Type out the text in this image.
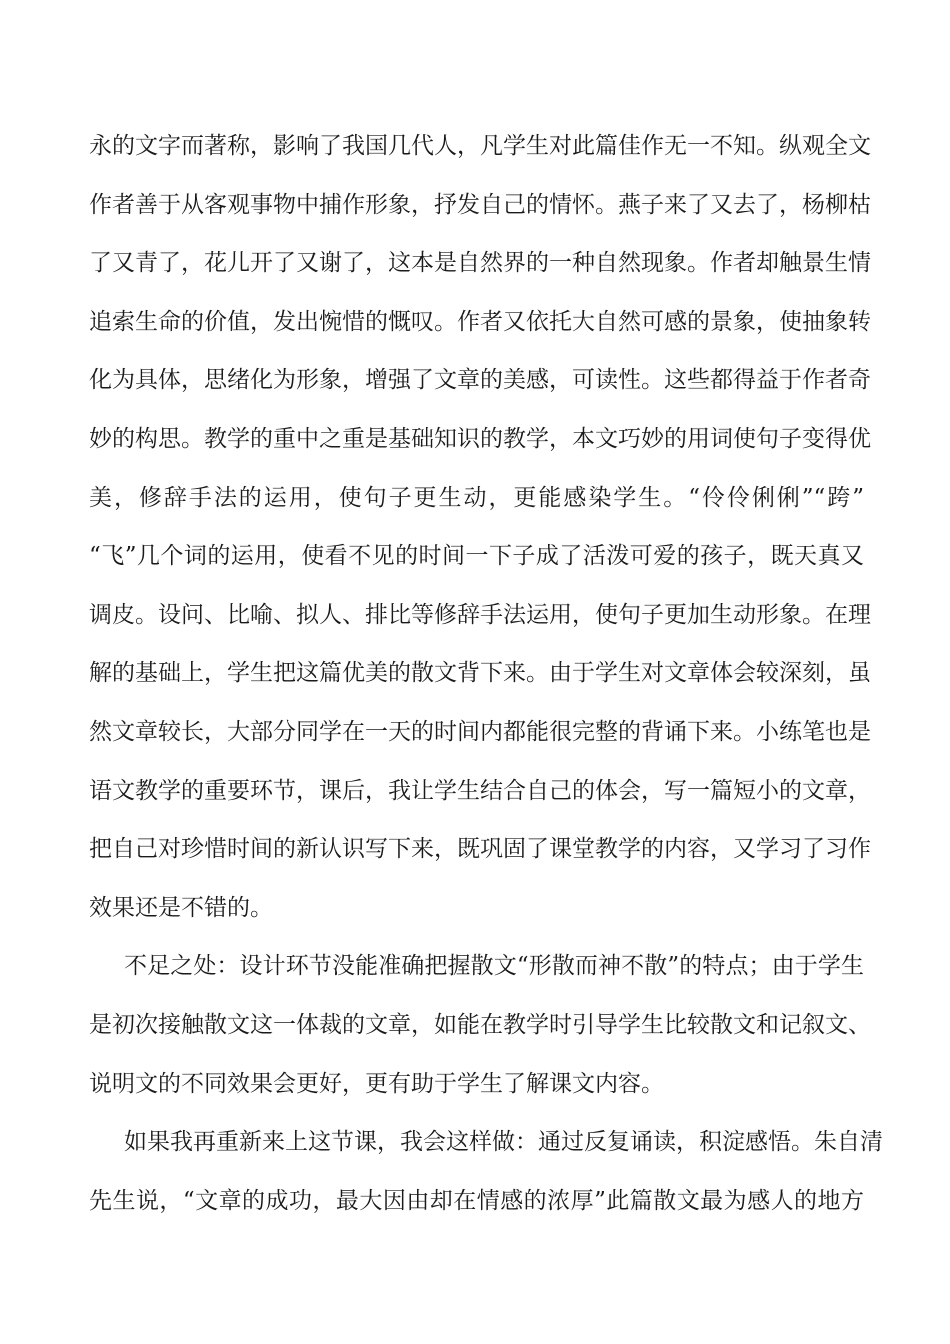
永的文字而著称，影响了我国几代人，凡学生对此篇佳作无一不知。纵观全文
作者善于从客观事物中捕作形象，抒发自己的情怀。燕子来了又去了，杨柳枯
了又青了，花儿开了又谢了，这本是自然界的一种自然现象。作者却触景生情
追索生命的价值，发出惋惜的慨叹。作者又依托大自然可感的景象，使抽象转
化为具体，思绪化为形象，增强了文章的美感，可读性。这些都得益于作者奇
妙的构思。教学的重中之重是基础知识的教学，本文巧妙的用词使句子变得优
美，修辞手法的运用，使句子更生动，更能感染学生。“伶伶俐俐”“跨”
“飞”几个词的运用，使看不见的时间一下子成了活泼可爱的孩子，既天真又
调皮。设问、比喻、拟人、排比等修辞手法运用，使句子更加生动形象。在理
解的基础上，学生把这篇优美的散文背下来。由于学生对文章体会较深刻，虽
然文章较长，大部分同学在一天的时间内都能很完整的背诵下来。小练笔也是
语文教学的重要环节，课后，我让学生结合自己的体会，写一篇短小的文章，
把自己对珍惜时间的新认识写下来，既巩固了课堂教学的内容，又学习了习作
效果还是不错的。
不足之处：设计环节没能准确把握散文“形散而神不散”的特点；由于学生
是初次接触散文这一体裁的文章，如能在教学时引导学生比较散文和记叙文、
说明文的不同效果会更好，更有助于学生了解课文内容。
如果我再重新来上这节课，我会这样做：通过反复诵读，积淀感悟。朱自清
先生说，“文章的成功，最大因由却在情感的浓厚”此篇散文最为感人的地方
